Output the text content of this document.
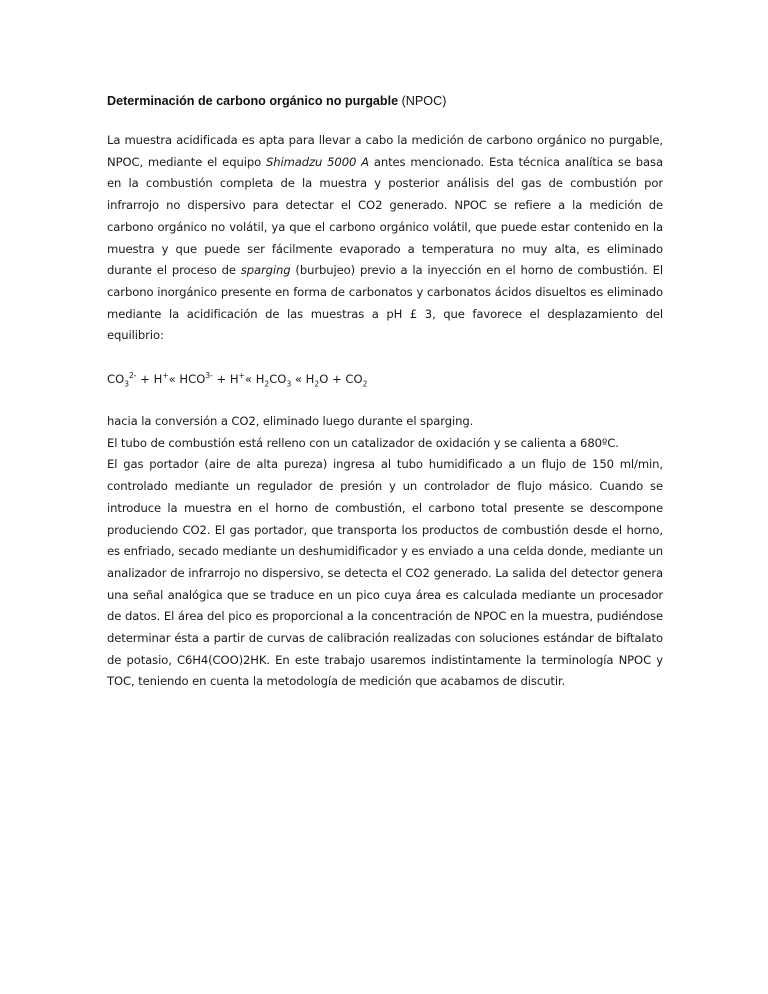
Determinación de carbono orgánico no purgable (NPOC)

La muestra acidificada es apta para llevar a cabo la medición de carbono orgánico no purgable, NPOC, mediante el equipo Shimadzu 5000 A antes mencionado. Esta técnica analítica se basa en la combustión completa de la muestra y posterior análisis del gas de combustión por infrarrojo no dispersivo para detectar el CO2 generado. NPOC se refiere a la medición de carbono orgánico no volátil, ya que el carbono orgánico volátil, que puede estar contenido en la muestra y que puede ser fácilmente evaporado a temperatura no muy alta, es eliminado durante el proceso de sparging (burbujeo) previo a la inyección en el horno de combustión. El carbono inorgánico presente en forma de carbonatos y carbonatos ácidos disueltos es eliminado mediante la acidificación de las muestras a pH £ 3, que favorece el desplazamiento del equilibrio:

$CO_3^{2-}$ + H+« $HCO^{3-}$ + H+« $H_2CO_3$ « $H_2O + CO_2$

hacia la conversión a CO2, eliminado luego durante el sparging.

El tubo de combustión está relleno con un catalizador de oxidación y se calienta a 680ºC.

El gas portador (aire de alta pureza) ingresa al tubo humidificado a un flujo de 150 ml/min, controlado mediante un regulador de presión y un controlador de flujo másico. Cuando se introduce la muestra en el horno de combustión, el carbono total presente se descompone produciendo CO2. El gas portador, que transporta los productos de combustión desde el horno, es enfriado, secado mediante un deshumidificador y es enviado a una celda donde, mediante un analizador de infrarrojo no dispersivo, se detecta el CO2 generado. La salida del detector genera una señal analógica que se traduce en un pico cuya área es calculada mediante un procesador de datos. El área del pico es proporcional a la concentración de NPOC en la muestra, pudiéndose determinar ésta a partir de curvas de calibración realizadas con soluciones estándar de biftalato de potasio, C6H4(COO)2HK. En este trabajo usaremos indistintamente la terminología NPOC y TOC, teniendo en cuenta la metodología de medición que acabamos de discutir.
